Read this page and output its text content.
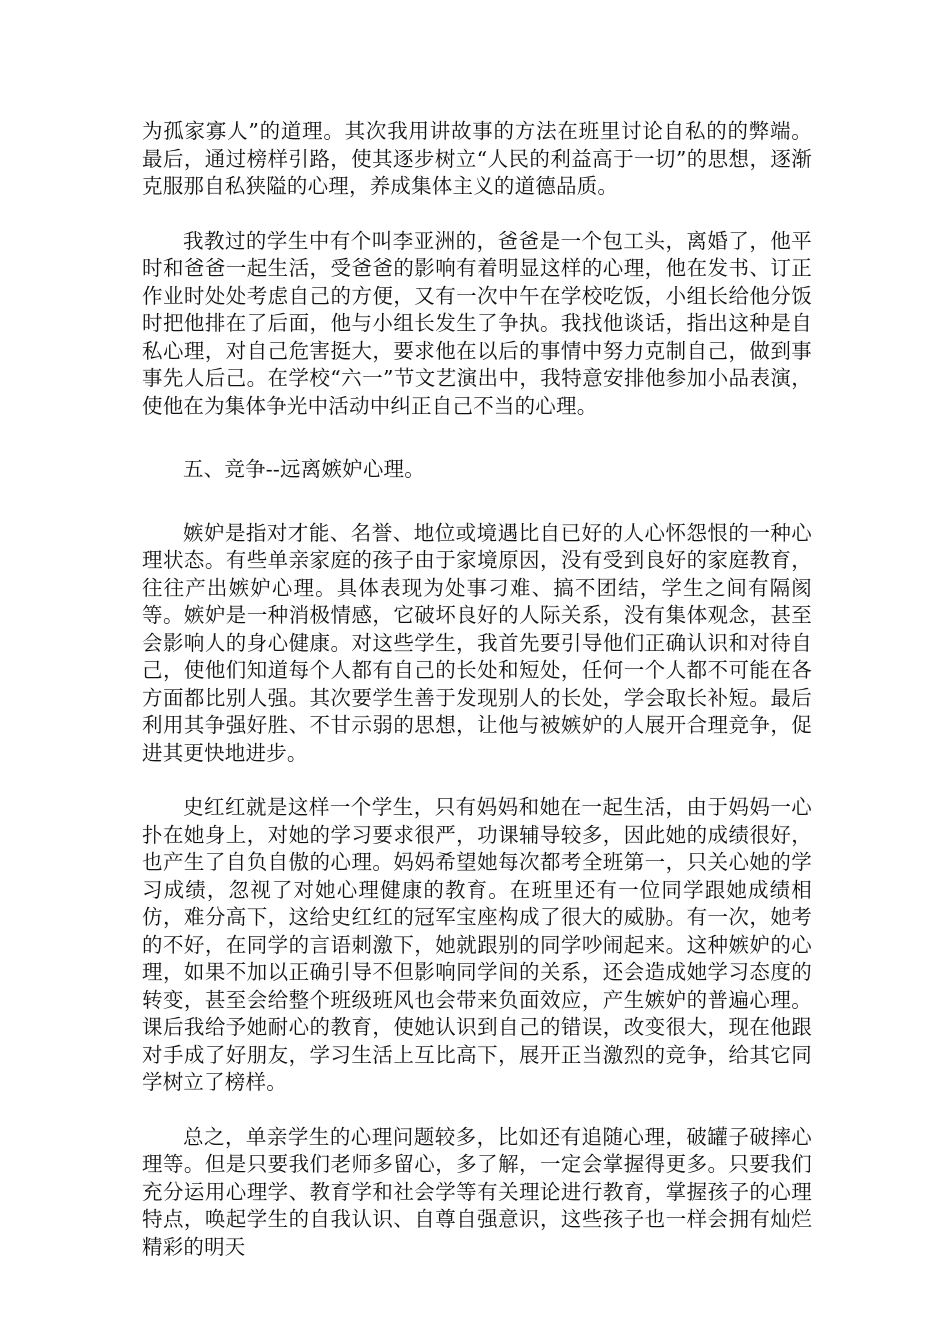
为孤家寡人”的道理。其次我用讲故事的方法在班里讨论自私的的弊端。最后，通过榜样引路，使其逐步树立“人民的利益高于一切”的思想，逐渐克服那自私狭隘的心理，养成集体主义的道德品质。

我教过的学生中有个叫李亚洲的，爸爸是一个包工头，离婚了，他平时和爸爸一起生活，受爸爸的影响有着明显这样的心理，他在发书、订正作业时处处考虑自己的方便，又有一次中午在学校吃饭，小组长给他分饭时把他排在了后面，他与小组长发生了争执。我找他谈话，指出这种是自私心理，对自己危害挺大，要求他在以后的事情中努力克制自己，做到事事先人后己。在学校“六一”节文艺演出中，我特意安排他参加小品表演，使他在为集体争光中活动中纠正自己不当的心理。

五、竞争--远离嫉妒心理。

嫉妒是指对才能、名誉、地位或境遇比自已好的人心怀怨恨的一种心理状态。有些单亲家庭的孩子由于家境原因，没有受到良好的家庭教育，往往产出嫉妒心理。具体表现为处事刁难、搞不团结，学生之间有隔阂等。嫉妒是一种消极情感，它破坏良好的人际关系，没有集体观念，甚至会影响人的身心健康。对这些学生，我首先要引导他们正确认识和对待自己，使他们知道每个人都有自己的长处和短处，任何一个人都不可能在各方面都比别人强。其次要学生善于发现别人的长处，学会取长补短。最后利用其争强好胜、不甘示弱的思想，让他与被嫉妒的人展开合理竞争，促进其更快地进步。

史红红就是这样一个学生，只有妈妈和她在一起生活，由于妈妈一心扑在她身上，对她的学习要求很严，功课辅导较多，因此她的成绩很好，也产生了自负自傲的心理。妈妈希望她每次都考全班第一，只关心她的学习成绩，忽视了对她心理健康的教育。在班里还有一位同学跟她成绩相仿，难分高下，这给史红红的冠军宝座构成了很大的威胁。有一次，她考的不好，在同学的言语刺激下，她就跟别的同学吵闹起来。这种嫉妒的心理，如果不加以正确引导不但影响同学间的关系，还会造成她学习态度的转变，甚至会给整个班级班风也会带来负面效应，产生嫉妒的普遍心理。课后我给予她耐心的教育，使她认识到自己的错误，改变很大，现在他跟对手成了好朋友，学习生活上互比高下，展开正当激烈的竞争，给其它同学树立了榜样。

总之，单亲学生的心理问题较多，比如还有追随心理，破罐子破摔心理等。但是只要我们老师多留心，多了解，一定会掌握得更多。只要我们充分运用心理学、教育学和社会学等有关理论进行教育，掌握孩子的心理特点，唤起学生的自我认识、自尊自强意识，这些孩子也一样会拥有灿烂精彩的明天
